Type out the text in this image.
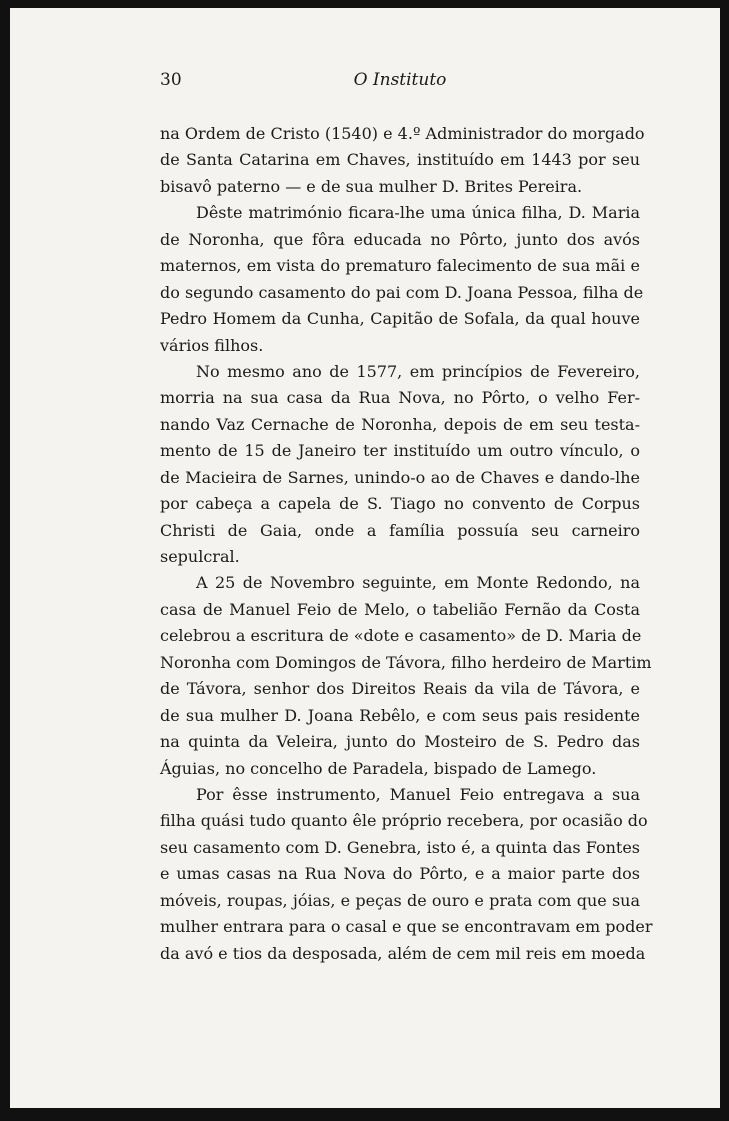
30	O Instituto
na Ordem de Cristo (1540) e 4.º Administrador do morgado
de Santa Catarina em Chaves, instituído em 1443 por seu
bisavô paterno — e de sua mulher D. Brites Pereira.
Dêste matrimónio ficara-lhe uma única filha, D. Maria
de Noronha, que fôra educada no Pôrto, junto dos avós
maternos, em vista do prematuro falecimento de sua mãi e
do segundo casamento do pai com D. Joana Pessoa, filha de
Pedro Homem da Cunha, Capitão de Sofala, da qual houve
vários filhos.
No mesmo ano de 1577, em princípios de Fevereiro,
morria na sua casa da Rua Nova, no Pôrto, o velho Fer-
nando Vaz Cernache de Noronha, depois de em seu testa-
mento de 15 de Janeiro ter instituído um outro vínculo, o
de Macieira de Sarnes, unindo-o ao de Chaves e dando-lhe
por cabeça a capela de S. Tiago no convento de Corpus
Christi de Gaia, onde a família possuía seu carneiro
sepulcral.
A 25 de Novembro seguinte, em Monte Redondo, na
casa de Manuel Feio de Melo, o tabelião Fernão da Costa
celebrou a escritura de «dote e casamento» de D. Maria de
Noronha com Domingos de Távora, filho herdeiro de Martim
de Távora, senhor dos Direitos Reais da vila de Távora, e
de sua mulher D. Joana Rebêlo, e com seus pais residente
na quinta da Veleira, junto do Mosteiro de S. Pedro das
Águias, no concelho de Paradela, bispado de Lamego.
Por êsse instrumento, Manuel Feio entregava a sua
filha quási tudo quanto êle próprio recebera, por ocasião do
seu casamento com D. Genebra, isto é, a quinta das Fontes
e umas casas na Rua Nova do Pôrto, e a maior parte dos
móveis, roupas, jóias, e peças de ouro e prata com que sua
mulher entrara para o casal e que se encontravam em poder
da avó e tios da desposada, além de cem mil reis em moeda
